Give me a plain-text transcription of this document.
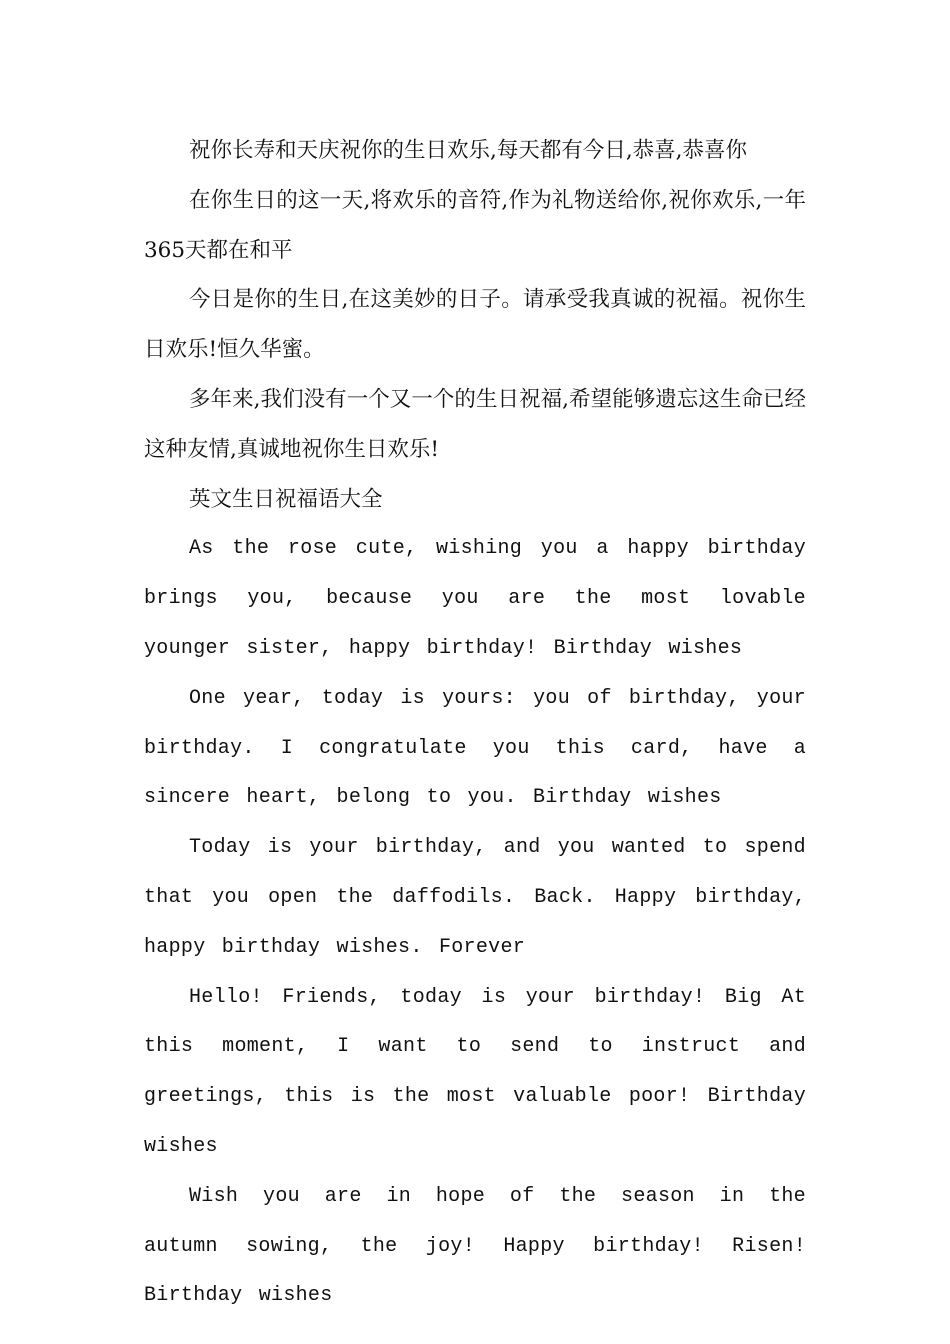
祝你长寿和天庆祝你的生日欢乐,每天都有今日,恭喜,恭喜你

在你生日的这一天,将欢乐的音符,作为礼物送给你,祝你欢乐,一年365天都在和平

今日是你的生日,在这美妙的日子。请承受我真诚的祝福。祝你生日欢乐!恒久华蜜。

多年来,我们没有一个又一个的生日祝福,希望能够遗忘这生命已经这种友情,真诚地祝你生日欢乐!

英文生日祝福语大全

As the rose cute, wishing you a happy birthday brings you, because you are the most lovable younger sister, happy birthday! Birthday wishes

One year, today is yours: you of birthday, your birthday. I congratulate you this card, have a sincere heart, belong to you. Birthday wishes

Today is your birthday, and you wanted to spend that you open the daffodils. Back. Happy birthday, happy birthday wishes. Forever

Hello! Friends, today is your birthday! Big At this moment, I want to send to instruct and greetings, this is the most valuable poor! Birthday wishes

Wish you are in hope of the season in the autumn sowing, the joy! Happy birthday! Risen! Birthday wishes
